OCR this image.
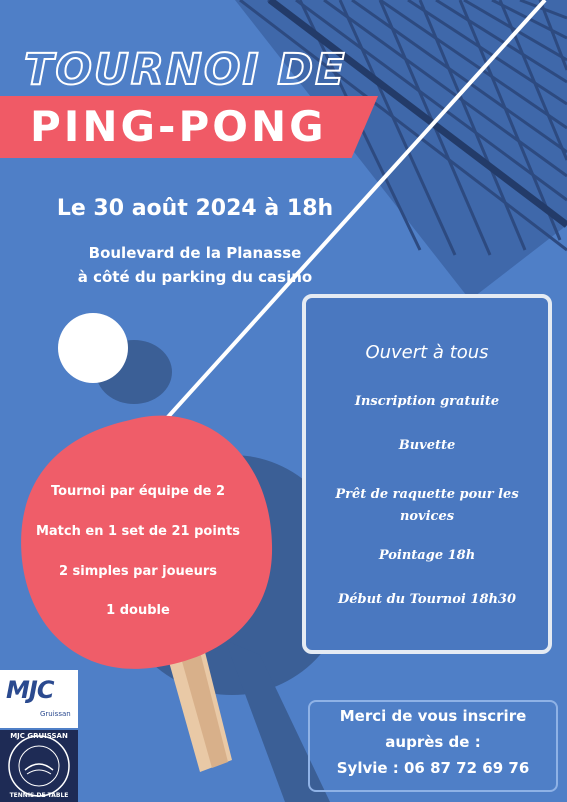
TOURNOI DE
PING-PONG
Le 30 août 2024 à 18h
Boulevard de la Planasse
à côté du parking du casino
Tournoi par équipe de 2
Match en 1 set de 21 points
2 simples par joueurs
1 double
Ouvert à tous
Inscription gratuite
Buvette
Prêt de raquette pour les novices
Pointage 18h
Début du Tournoi 18h30
Merci de vous inscrire
auprès de :
Sylvie : 06 87 72 69 76
MJC
Gruissan
MJC GRUISSAN
TENNIS DE TABLE
